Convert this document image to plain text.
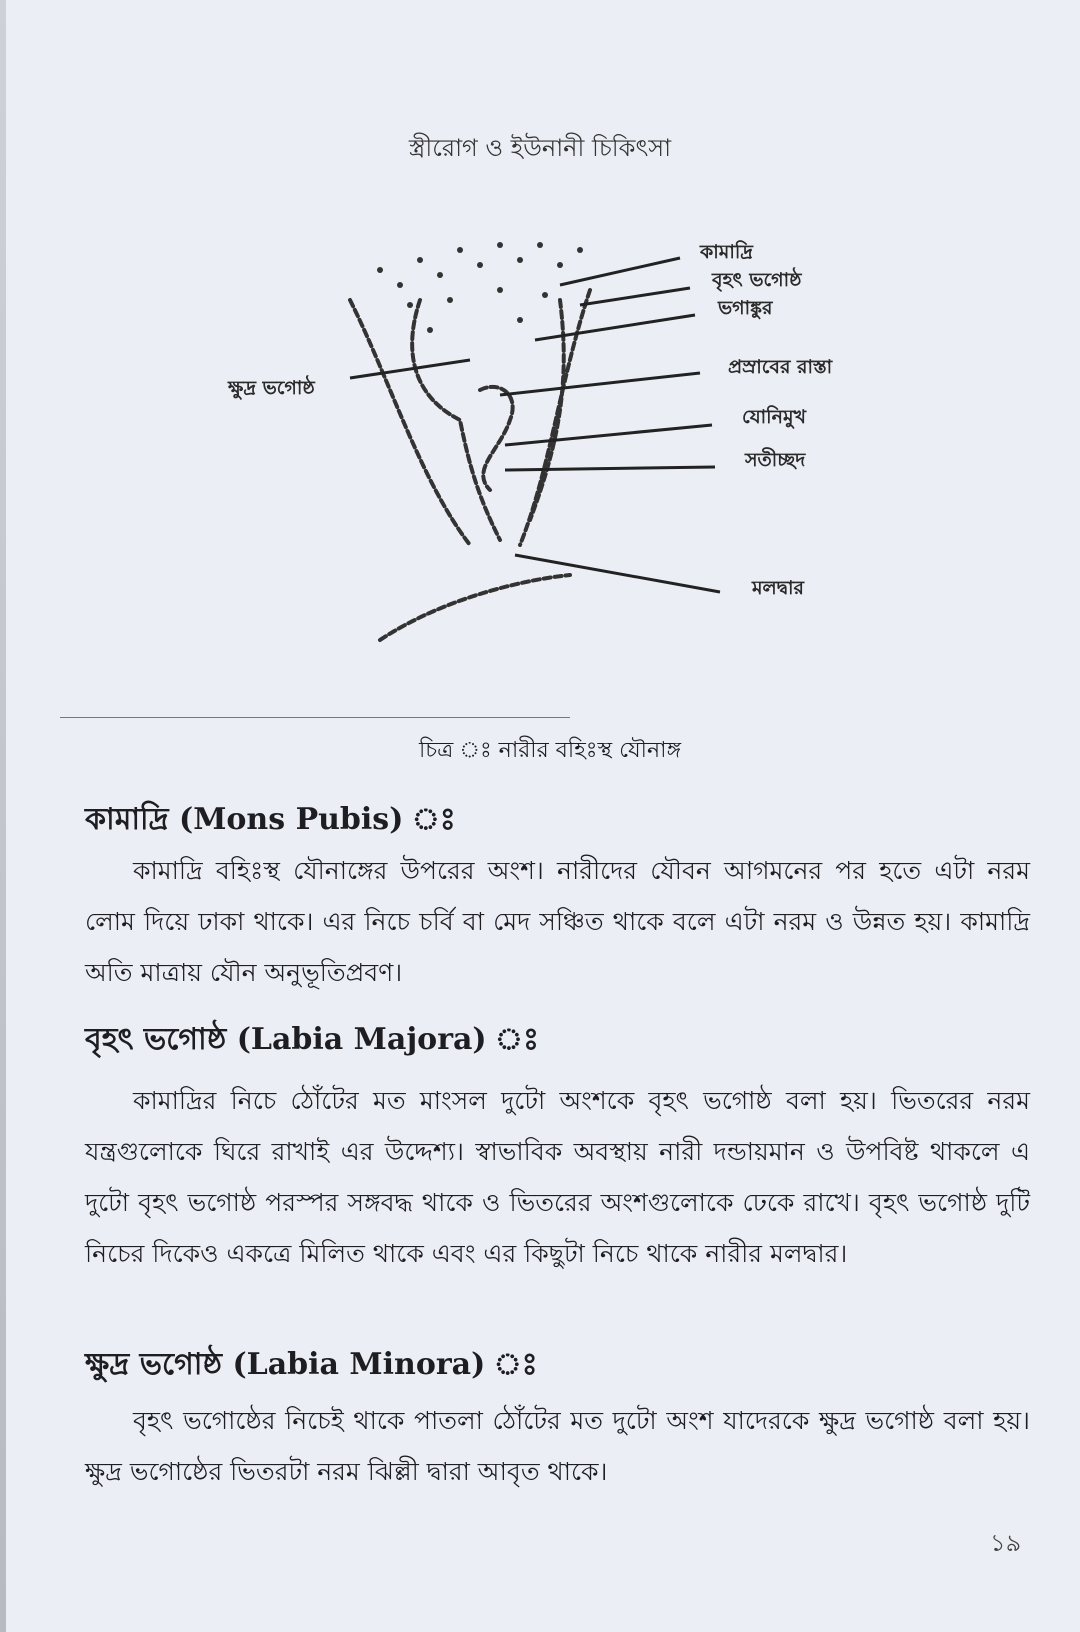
স্ত্রীরোগ ও ইউনানী চিকিৎসা
কামাদ্রি
বৃহৎ ভগোষ্ঠ
ভগাঙ্কুর
প্রস্রাবের রাস্তা
যোনিমুখ
সতীচ্ছদ
মলদ্বার
ক্ষুদ্র ভগোষ্ঠ
চিত্র ঃ নারীর বহিঃস্থ যৌনাঙ্গ
কামাদ্রি (Mons Pubis) ঃ
কামাদ্রি বহিঃস্থ যৌনাঙ্গের উপরের অংশ। নারীদের যৌবন আগমনের পর হতে এটা নরম লোম দিয়ে ঢাকা থাকে। এর নিচে চর্বি বা মেদ সঞ্চিত থাকে বলে এটা নরম ও উন্নত হয়। কামাদ্রি অতি মাত্রায় যৌন অনুভূতিপ্রবণ।
বৃহৎ ভগোষ্ঠ (Labia Majora) ঃ
কামাদ্রির নিচে ঠোঁটের মত মাংসল দুটো অংশকে বৃহৎ ভগোষ্ঠ বলা হয়। ভিতরের নরম যন্ত্রগুলোকে ঘিরে রাখাই এর উদ্দেশ্য। স্বাভাবিক অবস্থায় নারী দন্ডায়মান ও উপবিষ্ট থাকলে এ দুটো বৃহৎ ভগোষ্ঠ পরস্পর সঙ্গবদ্ধ থাকে ও ভিতরের অংশগুলোকে ঢেকে রাখে। বৃহৎ ভগোষ্ঠ দুটি নিচের দিকেও একত্রে মিলিত থাকে এবং এর কিছুটা নিচে থাকে নারীর মলদ্বার।
ক্ষুদ্র ভগোষ্ঠ (Labia Minora) ঃ
বৃহৎ ভগোষ্ঠের নিচেই থাকে পাতলা ঠোঁটের মত দুটো অংশ যাদেরকে ক্ষুদ্র ভগোষ্ঠ বলা হয়। ক্ষুদ্র ভগোষ্ঠের ভিতরটা নরম ঝিল্লী দ্বারা আবৃত থাকে।
১৯
